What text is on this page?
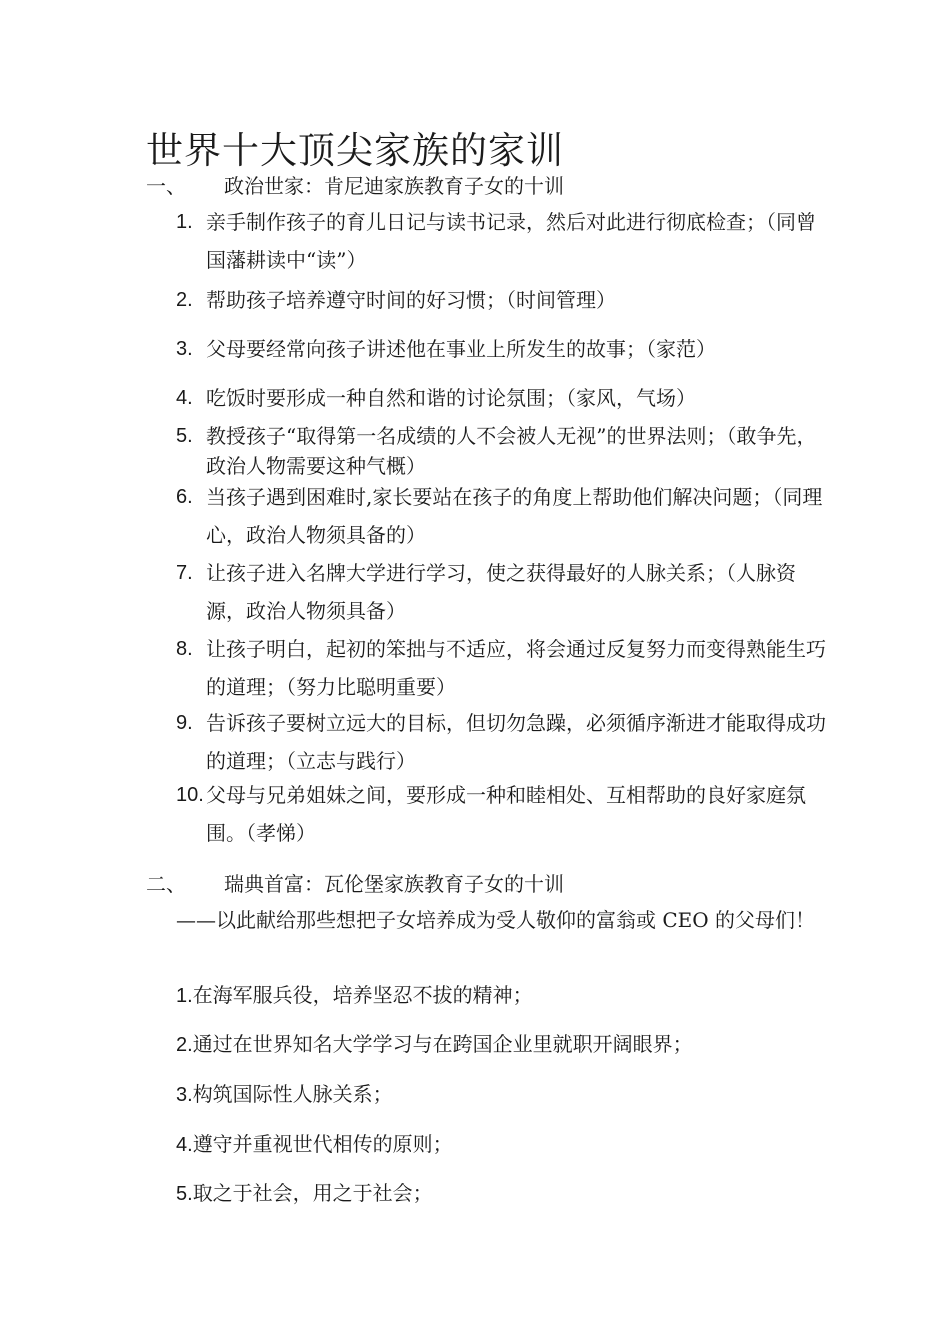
世界十大顶尖家族的家训
一、 政治世家：肯尼迪家族教育子女的十训
1. 亲手制作孩子的育儿日记与读书记录，然后对此进行彻底检查；（同曾国藩耕读中“读”）
2. 帮助孩子培养遵守时间的好习惯；（时间管理）
3. 父母要经常向孩子讲述他在事业上所发生的故事；（家范）
4. 吃饭时要形成一种自然和谐的讨论氛围；（家风，气场）
5. 教授孩子“取得第一名成绩的人不会被人无视”的世界法则；（敢争先，政治人物需要这种气概）
6. 当孩子遇到困难时,家长要站在孩子的角度上帮助他们解决问题；（同理心，政治人物须具备的）
7. 让孩子进入名牌大学进行学习，使之获得最好的人脉关系；（人脉资源，政治人物须具备）
8. 让孩子明白，起初的笨拙与不适应，将会通过反复努力而变得熟能生巧的道理；（努力比聪明重要）
9. 告诉孩子要树立远大的目标，但切勿急躁，必须循序渐进才能取得成功的道理；（立志与践行）
10. 父母与兄弟姐妹之间，要形成一种和睦相处、互相帮助的良好家庭氛围。（孝悌）
二、 瑞典首富：瓦伦堡家族教育子女的十训
——以此献给那些想把子女培养成为受人敬仰的富翁或 CEO 的父母们！
1.在海军服兵役，培养坚忍不拔的精神；
2.通过在世界知名大学学习与在跨国企业里就职开阔眼界；
3.构筑国际性人脉关系；
4.遵守并重视世代相传的原则；
5.取之于社会，用之于社会；
